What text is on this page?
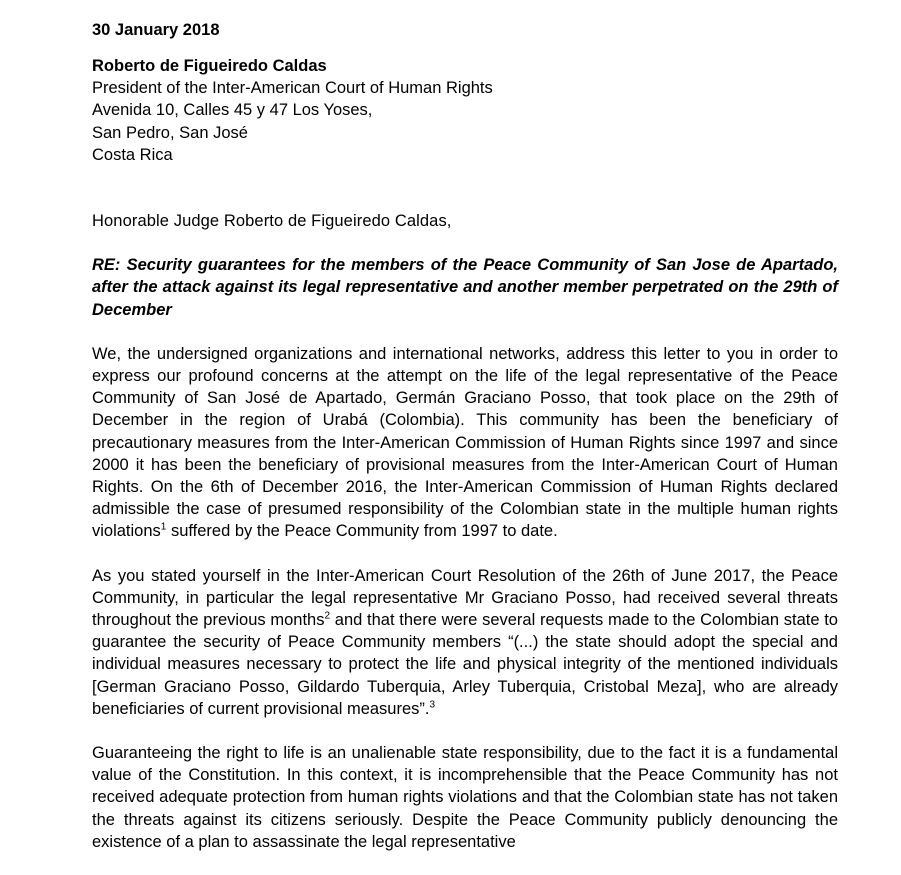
30 January 2018
Roberto de Figueiredo Caldas
President of the Inter-American Court of Human Rights
Avenida 10, Calles 45 y 47 Los Yoses,
San Pedro, San José
Costa Rica
Honorable Judge Roberto de Figueiredo Caldas,
RE: Security guarantees for the members of the Peace Community of San Jose de Apartado, after the attack against its legal representative and another member perpetrated on the 29th of December
We, the undersigned organizations and international networks, address this letter to you in order to express our profound concerns at the attempt on the life of the legal representative of the Peace Community of San José de Apartado, Germán Graciano Posso, that took place on the 29th of December in the region of Urabá (Colombia). This community has been the beneficiary of precautionary measures from the Inter-American Commission of Human Rights since 1997 and since 2000 it has been the beneficiary of provisional measures from the Inter-American Court of Human Rights. On the 6th of December 2016, the Inter-American Commission of Human Rights declared admissible the case of presumed responsibility of the Colombian state in the multiple human rights violations$^1$ suffered by the Peace Community from 1997 to date.
As you stated yourself in the Inter-American Court Resolution of the 26th of June 2017, the Peace Community, in particular the legal representative Mr Graciano Posso, had received several threats throughout the previous months$^2$ and that there were several requests made to the Colombian state to guarantee the security of Peace Community members “(...) the state should adopt the special and individual measures necessary to protect the life and physical integrity of the mentioned individuals [German Graciano Posso, Gildardo Tuberquia, Arley Tuberquia, Cristobal Meza], who are already beneficiaries of current provisional measures”.$^3$
Guaranteeing the right to life is an unalienable state responsibility, due to the fact it is a fundamental value of the Constitution. In this context, it is incomprehensible that the Peace Community has not received adequate protection from human rights violations and that the Colombian state has not taken the threats against its citizens seriously. Despite the Peace Community publicly denouncing the existence of a plan to assassinate the legal representative
